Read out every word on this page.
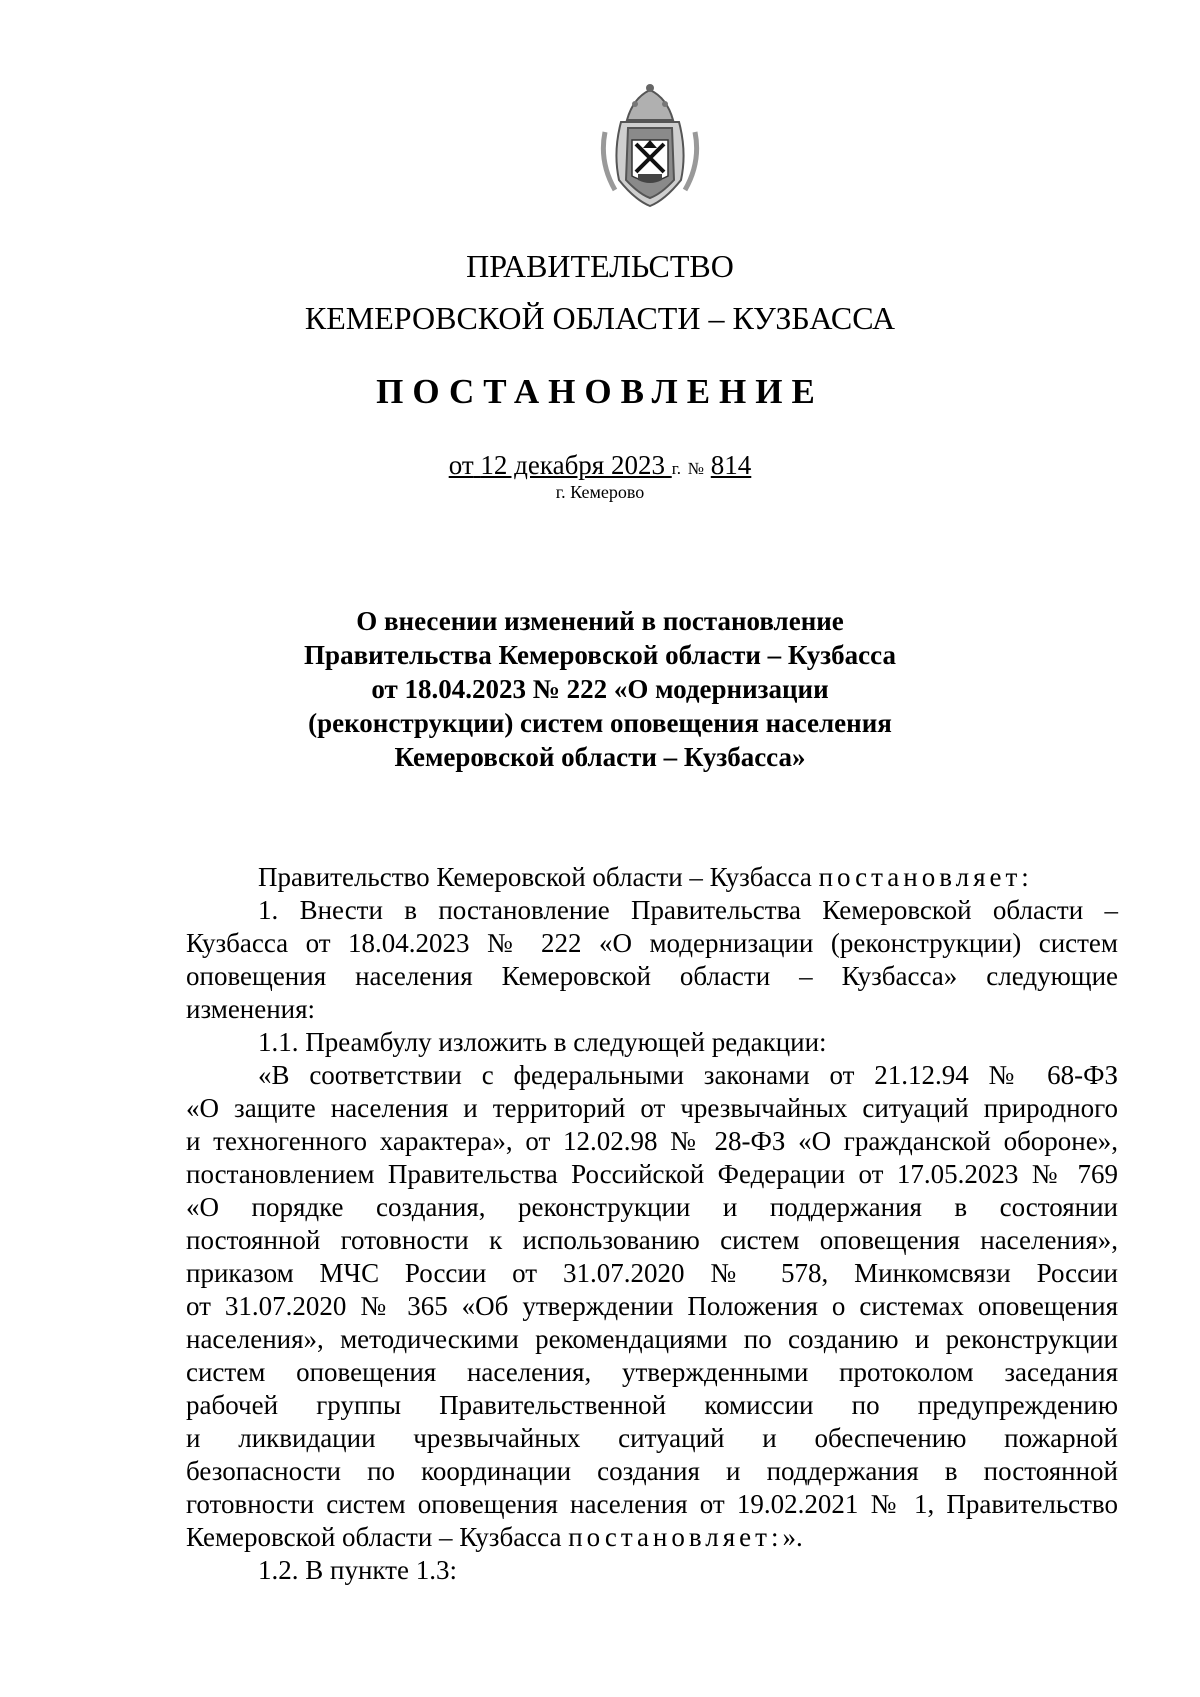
ПРАВИТЕЛЬСТВО
КЕМЕРОВСКОЙ ОБЛАСТИ – КУЗБАССА
ПОСТАНОВЛЕНИЕ
от 12 декабря 2023 г. № 814
г. Кемерово
О внесении изменений в постановление
Правительства Кемеровской области – Кузбасса
от 18.04.2023 № 222 «О модернизации
(реконструкции) систем оповещения населения
Кемеровской области – Кузбасса»
Правительство Кемеровской области – Кузбасса постановляет:
1. Внести в постановление Правительства Кемеровской области –
Кузбасса от 18.04.2023 № 222 «О модернизации (реконструкции) систем
оповещения населения Кемеровской области – Кузбасса» следующие
изменения:
1.1. Преамбулу изложить в следующей редакции:
«В соответствии с федеральными законами от 21.12.94 № 68-ФЗ
«О защите населения и территорий от чрезвычайных ситуаций природного
и техногенного характера», от 12.02.98 № 28-ФЗ «О гражданской обороне»,
постановлением Правительства Российской Федерации от 17.05.2023 № 769
«О порядке создания, реконструкции и поддержания в состоянии
постоянной готовности к использованию систем оповещения населения»,
приказом МЧС России от 31.07.2020 № 578, Минкомсвязи России
от 31.07.2020 № 365 «Об утверждении Положения о системах оповещения
населения», методическими рекомендациями по созданию и реконструкции
систем оповещения населения, утвержденными протоколом заседания
рабочей группы Правительственной комиссии по предупреждению
и ликвидации чрезвычайных ситуаций и обеспечению пожарной
безопасности по координации создания и поддержания в постоянной
готовности систем оповещения населения от 19.02.2021 № 1, Правительство
Кемеровской области – Кузбасса постановляет:».
1.2. В пункте 1.3:
